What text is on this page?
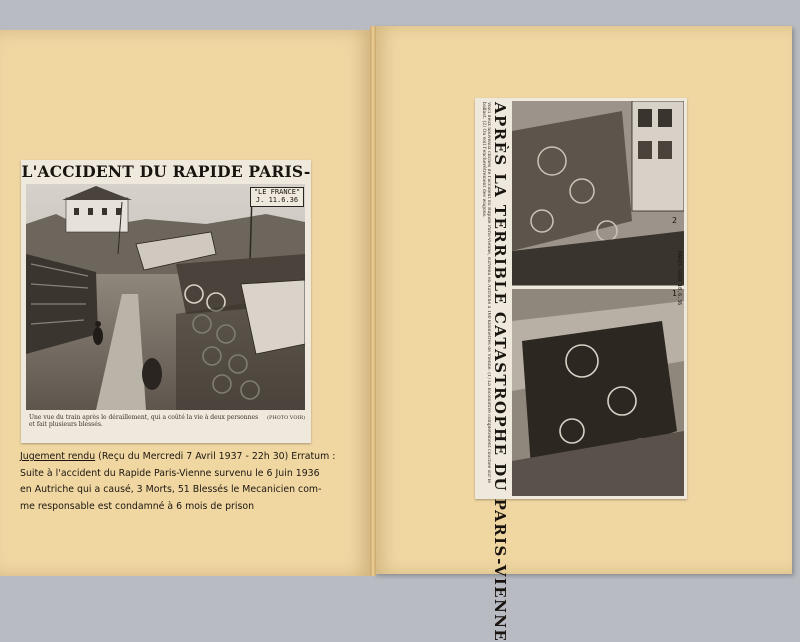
L'ACCIDENT DU RAPIDE PARIS-
"LE FRANCE"
J. 11.6.36
Une vue du train après le déraillement, qui a coûté la vie à deux personnes et fait plusieurs blessés.
(PHOTO VOIR)
Jugement rendu (Reçu du Mercredi 7 Avril 1937 - 22h 30) Erratum :
Suite à l'accident du Rapide Paris-Vienne survenu le 6 Juin 1936
en Autriche qui a causé, 3 Morts, 51 Blessés le Mecanicien com-
me responsable est condamné à 6 mois de prison	APRÈS LA TERRIBLE CATASTROPHE DU PARIS-VIENNE
Voici deux nouveaux clichés de l'accident du Rapide Paris-Vienne, survenu en Autriche à 160 kilomètres de Vienne. (1) La locomotive complètement couchée sur le ballast. (2) On voit l'enchevêtrement des wagons.
2
1
PARIS-SOIR 10.6.36
